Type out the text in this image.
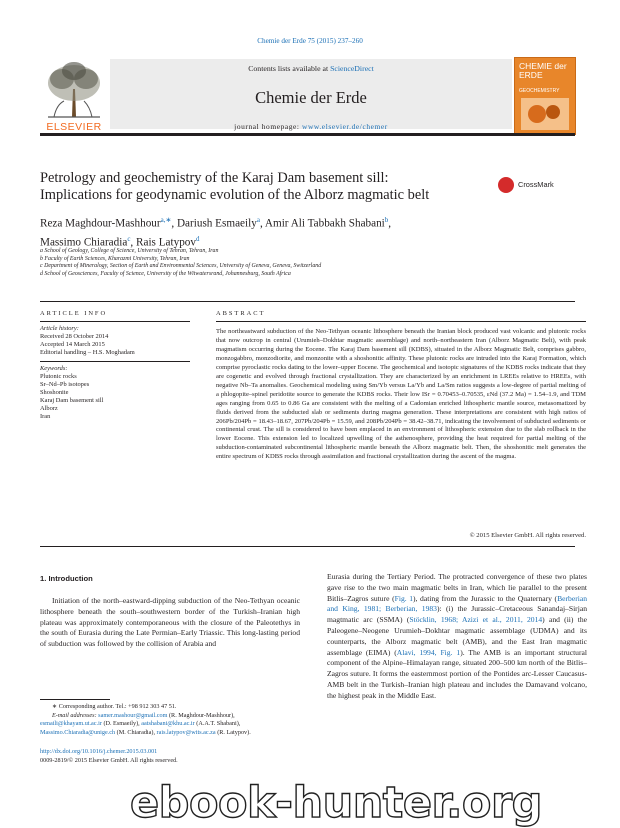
Chemie der Erde 75 (2015) 237–260
ELSEVIER
Contents lists available at ScienceDirect
Chemie der Erde
journal homepage: www.elsevier.de/chemer
CHEMIE der ERDE
GEOCHEMISTRY
Petrology and geochemistry of the Karaj Dam basement sill:
Implications for geodynamic evolution of the Alborz magmatic belt
CrossMark
Reza Maghdour-Mashhour$^{a,∗}$, Dariush Esmaeily$^a$, Amir Ali Tabbakh Shabani$^b$,
Massimo Chiaradia$^c$, Rais Latypov$^d$
a School of Geology, College of Science, University of Tehran, Tehran, Iran
b Faculty of Earth Sciences, Kharazmi University, Tehran, Iran
c Department of Mineralogy, Section of Earth and Environmental Sciences, University of Geneva, Geneva, Switzerland
d School of Geosciences, Faculty of Science, University of the Witwatersrand, Johannesburg, South Africa
ARTICLE INFO	ABSTRACT
Article history:
Received 28 October 2014
Accepted 14 March 2015
Editorial handling – H.S. Moghadam
Keywords:
Plutonic rocks
Sr–Nd–Pb isotopes
Shoshonite
Karaj Dam basement sill
Alborz
Iran
The northeastward subduction of the Neo-Tethyan oceanic lithosphere beneath the Iranian block produced vast volcanic and plutonic rocks that now outcrop in central (Urumieh–Dokhtar magmatic assemblage) and north–northeastern Iran (Alborz Magmatic Belt), with peak magmatism occurring during the Eocene. The Karaj Dam basement sill (KDBS), situated in the Alborz Magmatic Belt, comprises gabbro, monzogabbro, monzodiorite, and monzonite with a shoshonitic affinity. These plutonic rocks are intruded into the Karaj Formation, which comprise pyroclastic rocks dating to the lower–upper Eocene. The geochemical and isotopic signatures of the KDBS rocks indicate that they are cogenetic and evolved through fractional crystallization. They are characterized by an enrichment in LREEs relative to HREEs, with negative Nb–Ta anomalies. Geochemical modeling using Sm/Yb versus La/Yb and La/Sm ratios suggests a low-degree of partial melting of a phlogopite–spinel peridotite source to generate the KDBS rocks. Their low ISr = 0.70453–0.70535, εNd (37.2 Ma) = 1.54–1.9, and TDM ages ranging from 0.65 to 0.86 Ga are consistent with the melting of a Cadomian enriched lithospheric mantle source, metasomatized by fluids derived from the subducted slab or sediments during magma generation. These interpretations are consistent with high ratios of 206Pb/204Pb = 18.43–18.67, 207Pb/204Pb = 15.59, and 208Pb/204Pb = 38.42–38.71, indicating the involvement of subducted sediments or continental crust. The sill is considered to have been emplaced in an environment of lithospheric extension due to the slab rollback in the lower Eocene. This extension led to localized upwelling of the asthenosphere, providing the heat required for partial melting of the subduction-contaminated subcontinental lithospheric mantle beneath the Alborz magmatic belt. Then, the shoshonitic melt generates the entire spectrum of KDBS rocks through assimilation and fractional crystallization during the ascent of the magma.
© 2015 Elsevier GmbH. All rights reserved.
1. Introduction

Initiation of the north–eastward-dipping subduction of the Neo-Tethyan oceanic lithosphere beneath the south–southwestern border of the Turkish–Iranian high plateau was approximately contemporaneous with the closure of the Paleotethys in the south of Eurasia during the Late Permian–Early Triassic. This long-lasting period of subduction was followed by the collision of Arabia and

Eurasia during the Tertiary Period. The protracted convergence of these two plates gave rise to the two main magmatic belts in Iran, which lie parallel to the present Bitlis–Zagros suture (Fig. 1), dating from the Jurassic to the Quaternary (Berberian and King, 1981; Berberian, 1983): (i) the Jurassic–Cretaceous Sanandaj–Sirjan magtmatic arc (SSMA) (Stöcklin, 1968; Azizi et al., 2011, 2014) and (ii) the Paleogene–Neogene Urumieh–Dokhtar magmatic assemblage (UDMA) and its counterparts, the Alborz magmatic belt (AMB), and the East Iran magmatic assemblage (EIMA) (Alavi, 1994, Fig. 1). The AMB is an important structural component of the Alpine–Himalayan range, situated 200–500 km north of the Bitlis–Zagros suture. It forms the easternmost portion of the Pontides arc-Lesser Caucasus-AMB belt in the Turkish–Iranian high plateau and includes the Damavand volcano, the highest peak in the Middle East.
∗ Corresponding author. Tel.: +98 912 303 47 51.
E-mail addresses: samer.mashour@gmail.com (R. Maghdour-Mashhour),
esmaili@khayam.ut.ac.ir (D. Esmaeily), aatshabani@khu.ac.ir (A.A.T. Shabani),
Massimo.Chiaradia@unige.ch (M. Chiaradia), rais.latypov@wits.ac.za (R. Latypov).
http://dx.doi.org/10.1016/j.chemer.2015.03.001
0009-2819/© 2015 Elsevier GmbH. All rights reserved.
ebook-hunter.org
